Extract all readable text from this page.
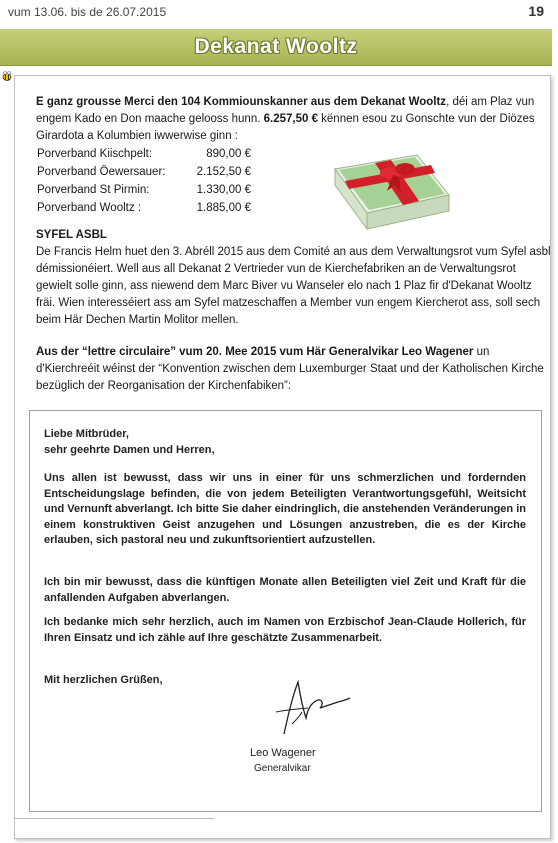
vum 13.06. bis de 26.07.2015	19
Dekanat Wooltz
E ganz grousse Merci den 104 Kommiounskanner aus dem Dekanat Wooltz, déi am Plaz vun engem Kado en Don maache gelooss hunn. 6.257,50 € kënnen esou zu Gonschte vun der Diözes Girardota a Kolumbien iwwerwise ginn :
Porverband Kiischpelt:	890,00 €
Porverband Öewersauer:	2.152,50 €
Porverband St Pirmin:	1.330,00 €
Porverband Wooltz :	1.885,00 €
SYFEL ASBL
De Francis Helm huet den 3. Abréll 2015 aus dem Comité an aus dem Verwaltungsrot vum Syfel asbl démissionéiert. Well aus all Dekanat 2 Vertrieder vun de Kierchefabriken an de Verwaltungsrot gewielt solle ginn, ass niewend dem Marc Biver vu Wanseler elo nach 1 Plaz fir d'Dekanat Wooltz fräi. Wien interesséiert ass am Syfel matzeschaffen a Member vun engem Kiercherot ass, soll sech beim Här Dechen Martin Molitor mellen.
Aus der “lettre circulaire” vum 20. Mee 2015 vum Här Generalvikar Leo Wagener un d'Kierchreéit wéinst der “Konvention zwischen dem Luxemburger Staat und der Katholischen Kirche bezüglich der Reorganisation der Kirchenfabiken”:
Liebe Mitbrüder,
sehr geehrte Damen und Herren,
Uns allen ist bewusst, dass wir uns in einer für uns schmerzlichen und fordernden Entscheidungslage befinden, die von jedem Beteiligten Verantwortungsgefühl, Weitsicht und Vernunft abverlangt. Ich bitte Sie daher eindringlich, die anstehenden Veränderungen in einem konstruktiven Geist anzugehen und Lösungen anzustreben, die es der Kirche erlauben, sich pastoral neu und zukunftsorientiert aufzustellen.
Ich bin mir bewusst, dass die künftigen Monate allen Beteiligten viel Zeit und Kraft für die anfallenden Aufgaben abverlangen.
Ich bedanke mich sehr herzlich, auch im Namen von Erzbischof Jean-Claude Hollerich, für Ihren Einsatz und ich zähle auf Ihre geschätzte Zusammenarbeit.
Mit herzlichen Grüßen,
Leo Wagener
Generalvikar
